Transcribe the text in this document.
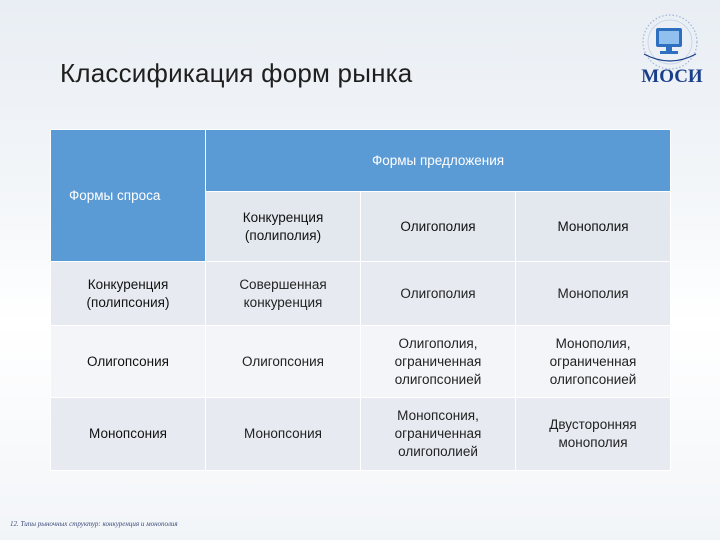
Классификация форм рынка	МОСИ
Формы спроса	Формы предложения		
	Конкуренция (полиполия)	Олигополия	Монополия
Конкуренция (полипсония)	Совершенная конкуренция	Олигополия	Монополия
Олигопсония	Олигопсония	Олигополия, ограниченная олигопсонией	Монополия, ограниченная олигопсонией
Монопсония	Монопсония	Монопсония, ограниченная олигополией	Двусторонняя монополия
12. Типы рыночных структур: конкуренция и монополия
